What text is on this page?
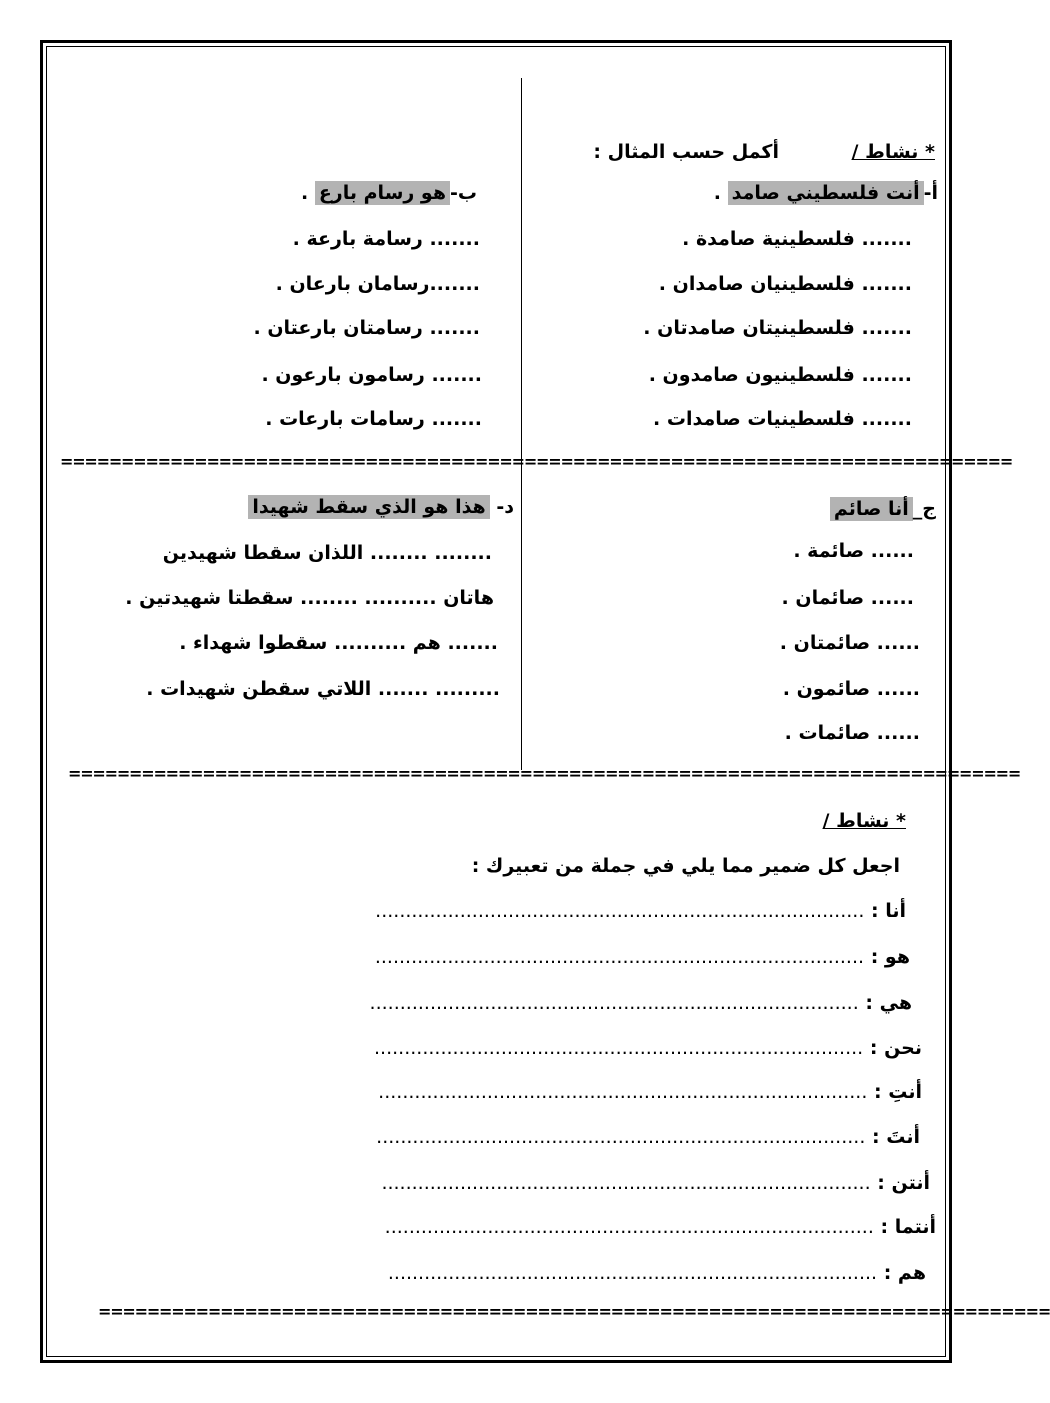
* نشاط /
أكمل حسب المثال :
أ-أنت فلسطيني صامد .
....... فلسطينية صامدة .
....... فلسطينيان صامدان .
....... فلسطينيتان صامدتان .
....... فلسطينيون صامدون .
....... فلسطينيات صامدات .
ب-هو رسام بارع .
....... رسامة بارعة .
.......رسامان بارعان .
....... رسامتان بارعتان .
....... رسامون بارعون .
....... رسامات بارعات .
==============================================================================
ج_أنا صائم
...... صائمة .
...... صائمان .
...... صائمتان .
...... صائمون .
...... صائمات .
د- هذا هو الذي سقط شهيدا
........ ........ اللذان سقطا شهيدين
هاتان .......... ........ سقطتا شهيدتين .
....... هم .......... سقطوا شهداء .
......... ....... اللاتي سقطن شهيدات .
==============================================================================
* نشاط /
اجعل كل ضمير مما يلي في جملة من تعبيرك :
أنا : .................................................................................
هو : .................................................................................
هي : .................................................................................
نحن : .................................................................................
أنتِ : .................................................................................
أنتَ : .................................................................................
أنتن : .................................................................................
أنتما : .................................................................................
هم : .................................................................................
==============================================================================
